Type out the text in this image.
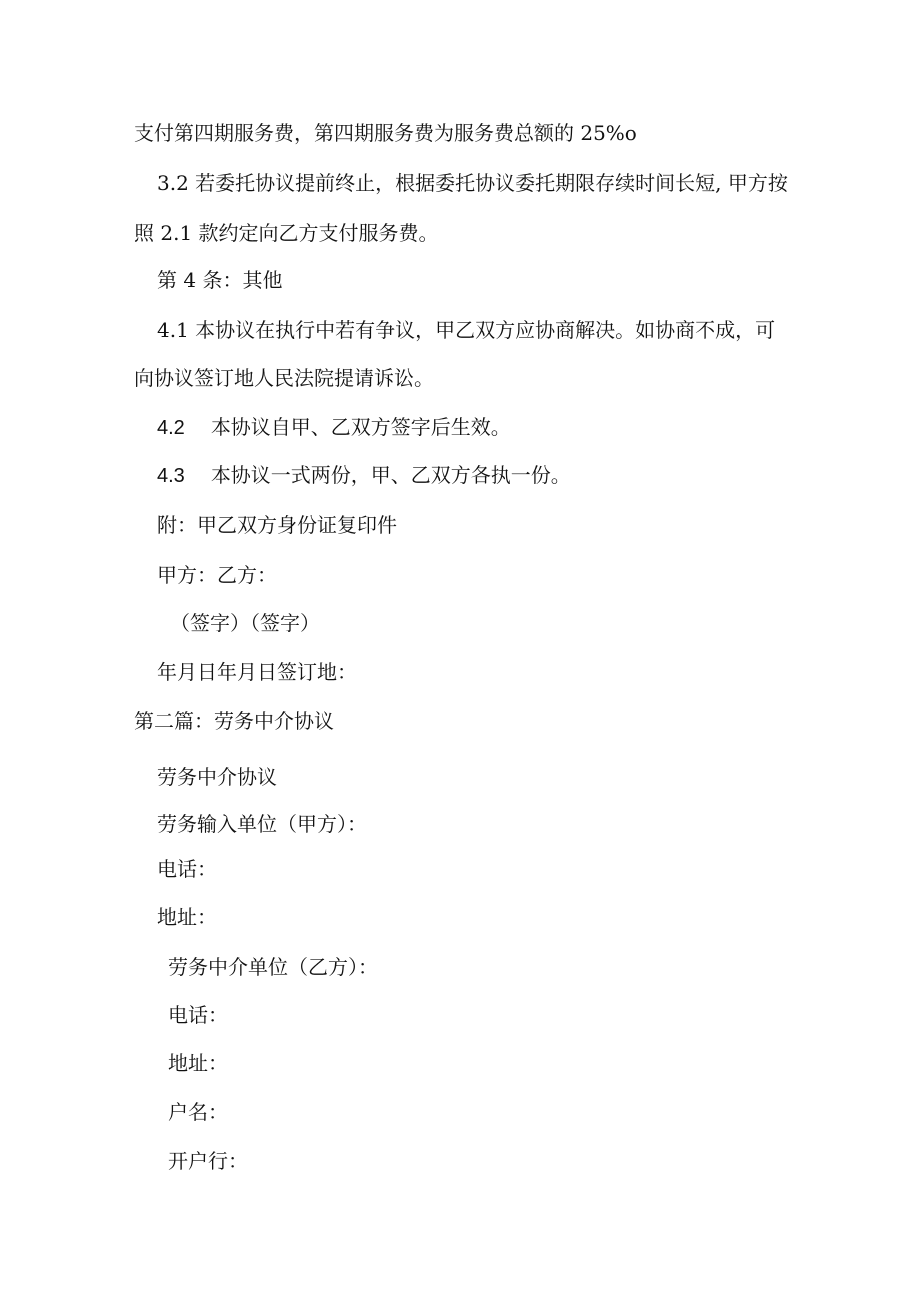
支付第四期服务费，第四期服务费为服务费总额的 25%o
3.2 若委托协议提前终止，根据委托协议委托期限存续时间长短, 甲方按
照 2.1 款约定向乙方支付服务费。
第 4 条：其他
4.1 本协议在执行中若有争议，甲乙双方应协商解决。如协商不成，可
向协议签订地人民法院提请诉讼。
4.2 本协议自甲、乙双方签字后生效。
4.3 本协议一式两份，甲、乙双方各执一份。
附：甲乙双方身份证复印件
甲方：乙方：
（签字）（签字）
年月日年月日签订地：
第二篇：劳务中介协议
劳务中介协议
劳务输入单位（甲方）：
电话：
地址：
劳务中介单位（乙方）：
电话：
地址：
户名：
开户行：
